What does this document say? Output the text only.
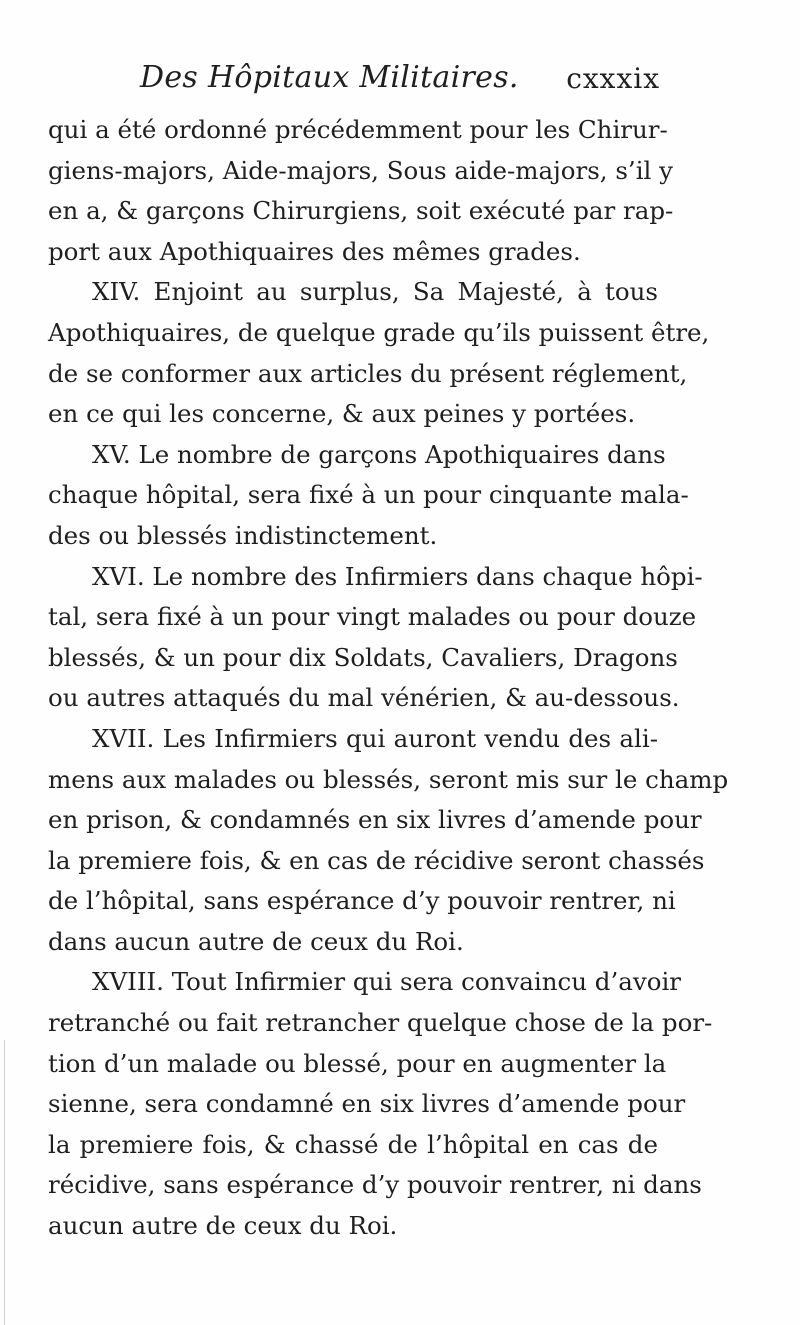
Des Hôpitaux Militaires. cxxxix
qui a été ordonné précédemment pour les Chirur-
giens-majors, Aide-majors, Sous aide-majors, s’il y
en a, & garçons Chirurgiens, soit exécuté par rap-
port aux Apothiquaires des mêmes grades.
XIV. Enjoint au surplus, Sa Majesté, à tous
Apothiquaires, de quelque grade qu’ils puissent être,
de se conformer aux articles du présent réglement,
en ce qui les concerne, & aux peines y portées.
XV. Le nombre de garçons Apothiquaires dans
chaque hôpital, sera fixé à un pour cinquante mala-
des ou blessés indistinctement.
XVI. Le nombre des Infirmiers dans chaque hôpi-
tal, sera fixé à un pour vingt malades ou pour douze
blessés, & un pour dix Soldats, Cavaliers, Dragons
ou autres attaqués du mal vénérien, & au-dessous.
XVII. Les Infirmiers qui auront vendu des ali-
mens aux malades ou blessés, seront mis sur le champ
en prison, & condamnés en six livres d’amende pour
la premiere fois, & en cas de récidive seront chassés
de l’hôpital, sans espérance d’y pouvoir rentrer, ni
dans aucun autre de ceux du Roi.
XVIII. Tout Infirmier qui sera convaincu d’avoir
retranché ou fait retrancher quelque chose de la por-
tion d’un malade ou blessé, pour en augmenter la
sienne, sera condamné en six livres d’amende pour
la premiere fois, & chassé de l’hôpital en cas de
récidive, sans espérance d’y pouvoir rentrer, ni dans
aucun autre de ceux du Roi.
